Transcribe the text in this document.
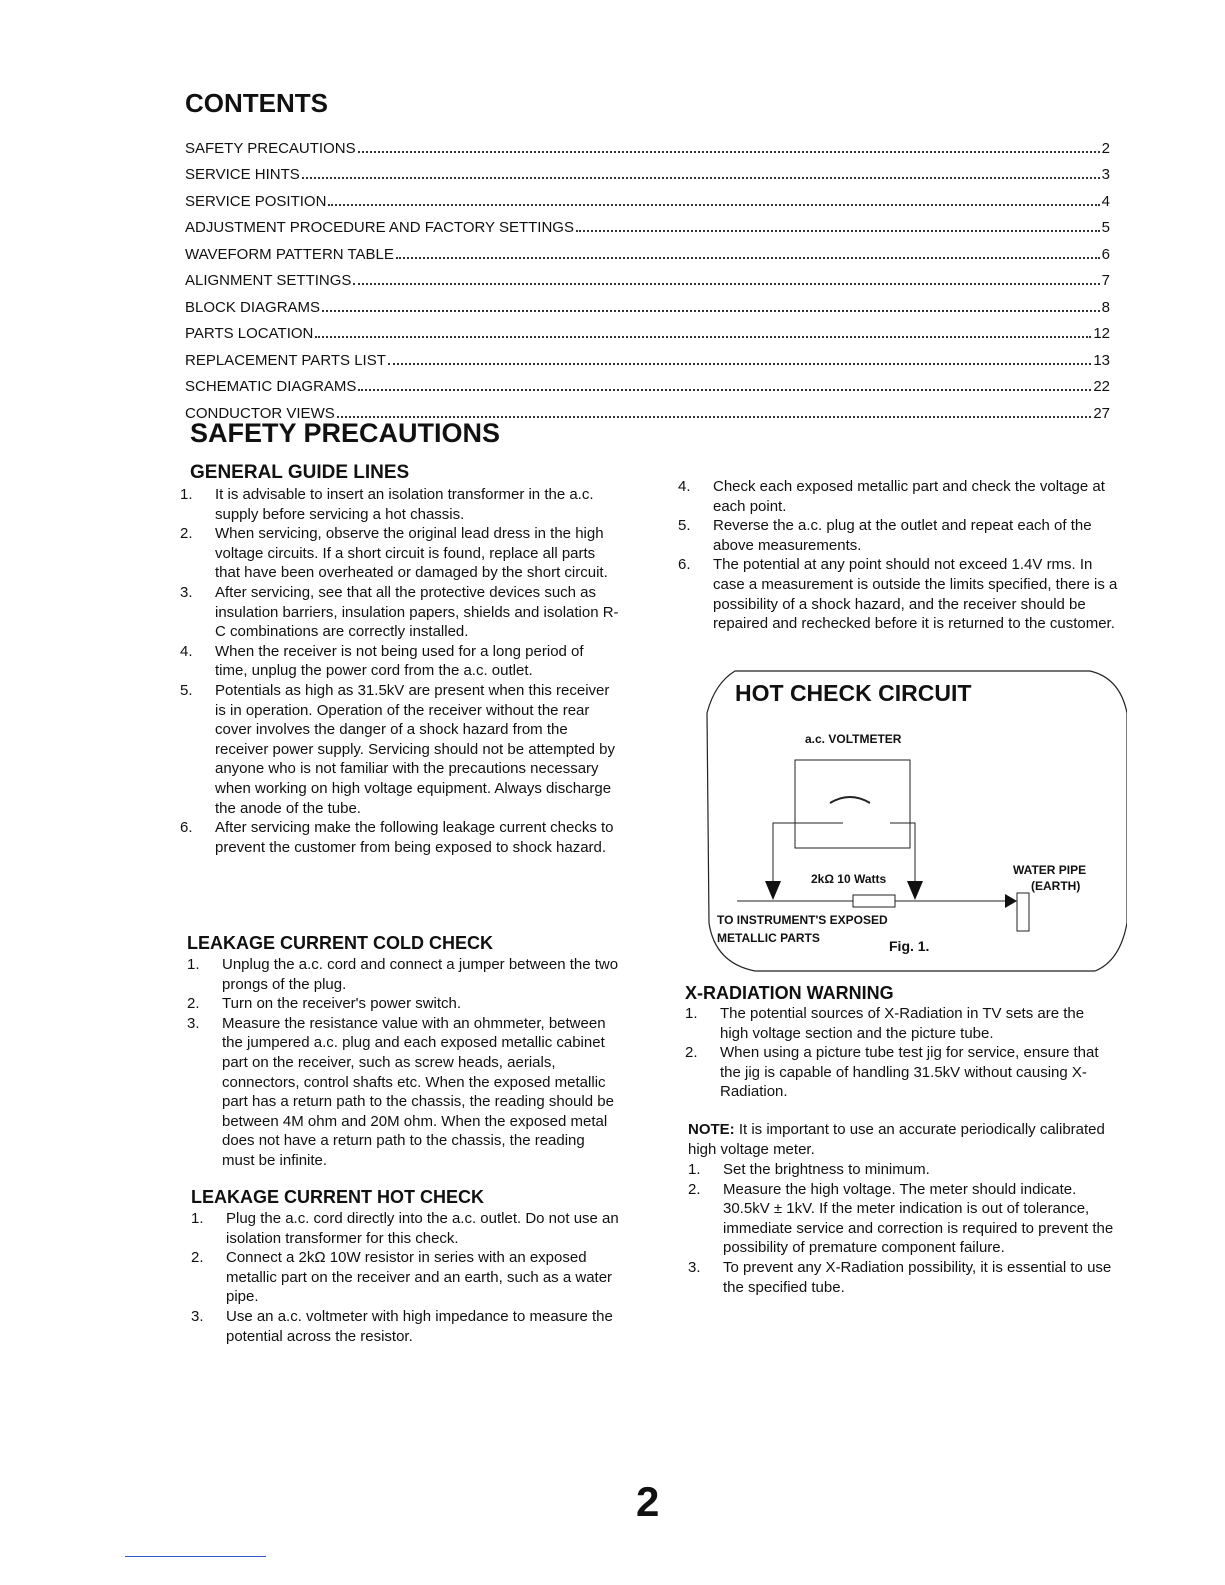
CONTENTS
SAFETY PRECAUTIONS	2
SERVICE HINTS	3
SERVICE POSITION	4
ADJUSTMENT PROCEDURE AND FACTORY SETTINGS	5
WAVEFORM PATTERN TABLE	6
ALIGNMENT SETTINGS	7
BLOCK DIAGRAMS	8
PARTS LOCATION	12
REPLACEMENT PARTS LIST	13
SCHEMATIC DIAGRAMS	22
CONDUCTOR VIEWS	27
SAFETY PRECAUTIONS
GENERAL GUIDE LINES

1. It is advisable to insert an isolation transformer in the a.c. supply before servicing a hot chassis.

2. When servicing, observe the original lead dress in the high voltage circuits. If a short circuit is found, replace all parts that have been overheated or damaged by the short circuit.

3. After servicing, see that all the protective devices such as insulation barriers, insulation papers, shields and isolation R-C combinations are correctly installed.

4. When the receiver is not being used for a long period of time, unplug the power cord from the a.c. outlet.

5. Potentials as high as 31.5kV are present when this receiver is in operation. Operation of the receiver without the rear cover involves the danger of a shock hazard from the receiver power supply. Servicing should not be attempted by anyone who is not familiar with the precautions necessary when working on high voltage equipment. Always discharge the anode of the tube.

6. After servicing make the following leakage current checks to prevent the customer from being exposed to shock hazard.

LEAKAGE CURRENT COLD CHECK

1. Unplug the a.c. cord and connect a jumper between the two prongs of the plug.

2. Turn on the receiver's power switch.

3. Measure the resistance value with an ohmmeter, between the jumpered a.c. plug and each exposed metallic cabinet part on the receiver, such as screw heads, aerials, connectors, control shafts etc. When the exposed metallic part has a return path to the chassis, the reading should be between 4M ohm and 20M ohm. When the exposed metal does not have a return path to the chassis, the reading must be infinite.

LEAKAGE CURRENT HOT CHECK

1. Plug the a.c. cord directly into the a.c. outlet. Do not use an isolation transformer for this check.

2. Connect a 2kΩ 10W resistor in series with an exposed metallic part on the receiver and an earth, such as a water pipe.

3. Use an a.c. voltmeter with high impedance to measure the potential across the resistor.

4. Check each exposed metallic part and check the voltage at each point.

5. Reverse the a.c. plug at the outlet and repeat each of the above measurements.

6. The potential at any point should not exceed 1.4V rms. In case a measurement is outside the limits specified, there is a possibility of a shock hazard, and the receiver should be repaired and rechecked before it is returned to the customer.

HOT CHECK CIRCUIT
a.c. VOLTMETER
2kΩ 10 Watts
WATER PIPE
(EARTH)
TO INSTRUMENT'S EXPOSED
METALLIC PARTS	Fig. 1.
X-RADIATION WARNING

1. The potential sources of X-Radiation in TV sets are the high voltage section and the picture tube.

2. When using a picture tube test jig for service, ensure that the jig is capable of handling 31.5kV without causing X-Radiation.

NOTE: It is important to use an accurate periodically calibrated high voltage meter.

1. Set the brightness to minimum.

2. Measure the high voltage. The meter should indicate. 30.5kV ± 1kV. If the meter indication is out of tolerance, immediate service and correction is required to prevent the possibility of premature component failure.

3. To prevent any X-Radiation possibility, it is essential to use the specified tube.

2
